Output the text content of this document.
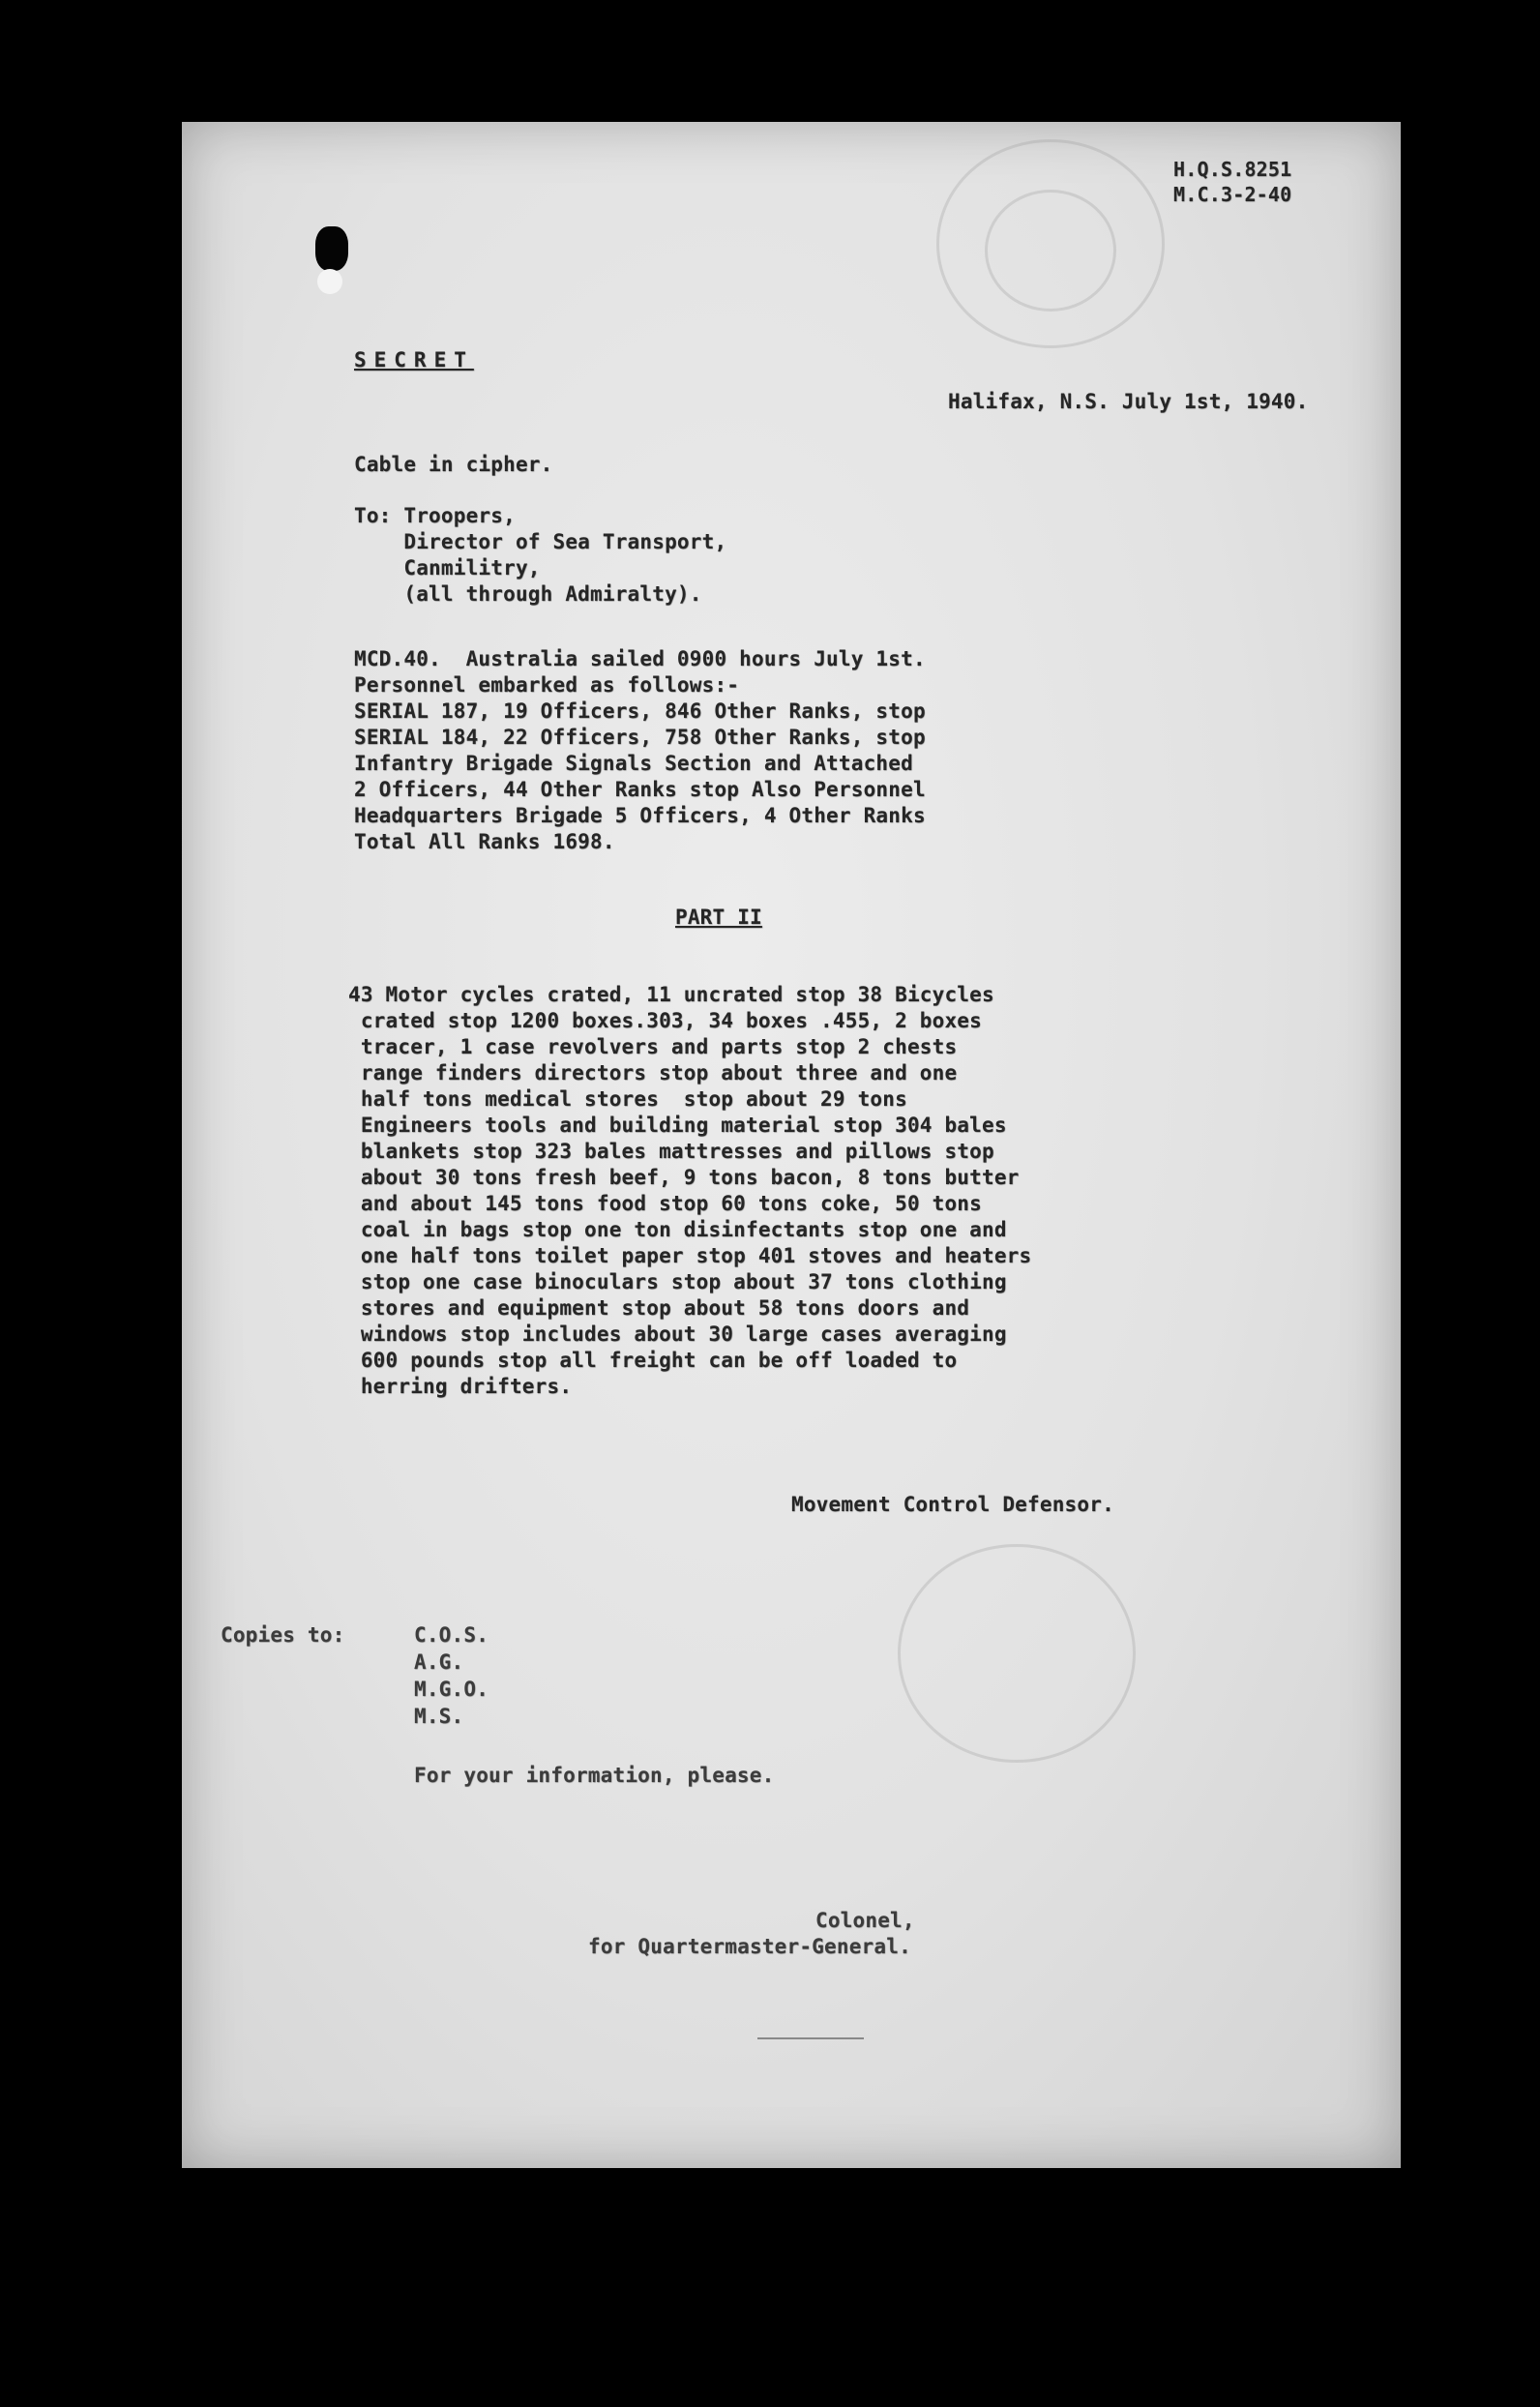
H.Q.S.8251
M.C.3-2-40
SECRET
Halifax, N.S. July 1st, 1940.
Cable in cipher.
To: Troopers,
Director of Sea Transport,
Canmilitry,
(all through Admiralty).
MCD.40.  Australia sailed 0900 hours July 1st.
Personnel embarked as follows:-
SERIAL 187, 19 Officers, 846 Other Ranks, stop
SERIAL 184, 22 Officers, 758 Other Ranks, stop
Infantry Brigade Signals Section and Attached
2 Officers, 44 Other Ranks stop Also Personnel
Headquarters Brigade 5 Officers, 4 Other Ranks
Total All Ranks 1698.
PART II
43 Motor cycles crated, 11 uncrated stop 38 Bicycles
crated stop 1200 boxes.303, 34 boxes .455, 2 boxes
tracer, 1 case revolvers and parts stop 2 chests
range finders directors stop about three and one
half tons medical stores  stop about 29 tons
Engineers tools and building material stop 304 bales
blankets stop 323 bales mattresses and pillows stop
about 30 tons fresh beef, 9 tons bacon, 8 tons butter
and about 145 tons food stop 60 tons coke, 50 tons
coal in bags stop one ton disinfectants stop one and
one half tons toilet paper stop 401 stoves and heaters
stop one case binoculars stop about 37 tons clothing
stores and equipment stop about 58 tons doors and
windows stop includes about 30 large cases averaging
600 pounds stop all freight can be off loaded to
herring drifters.
Movement Control Defensor.
Copies to:	C.O.S.
A.G.
M.G.O.
M.S.
For your information, please.
Colonel,
for Quartermaster-General.
